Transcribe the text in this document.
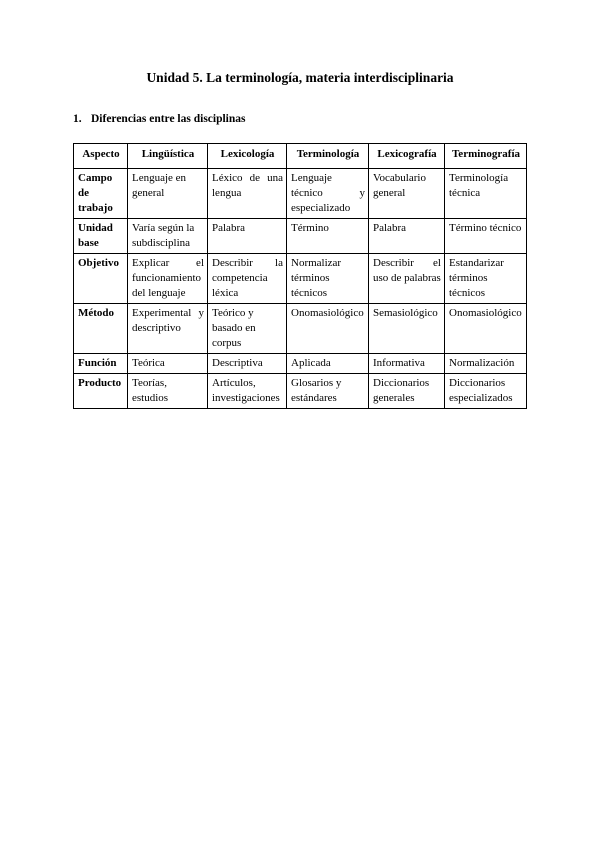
Unidad 5. La terminología, materia interdisciplinaria
1. Diferencias entre las disciplinas
Aspecto	Lingüística	Lexicología	Terminología	Lexicografía	Terminografía
Campo de trabajo	Lenguaje en general	Léxico de una lengua	Lenguaje técnico y especializado	Vocabulario general	Terminología técnica
Unidad base	Varía según la subdisciplina	Palabra	Término	Palabra	Término técnico
Objetivo	Explicar el funcionamiento del lenguaje	Describir la competencia léxica	Normalizar términos técnicos	Describir el uso de palabras	Estandarizar términos técnicos
Método	Experimental y descriptivo	Teórico y basado en corpus	Onomasiológico	Semasiológico	Onomasiológico
Función	Teórica	Descriptiva	Aplicada	Informativa	Normalización
Producto	Teorías, estudios	Artículos, investigaciones	Glosarios y estándares	Diccionarios generales	Diccionarios especializados
